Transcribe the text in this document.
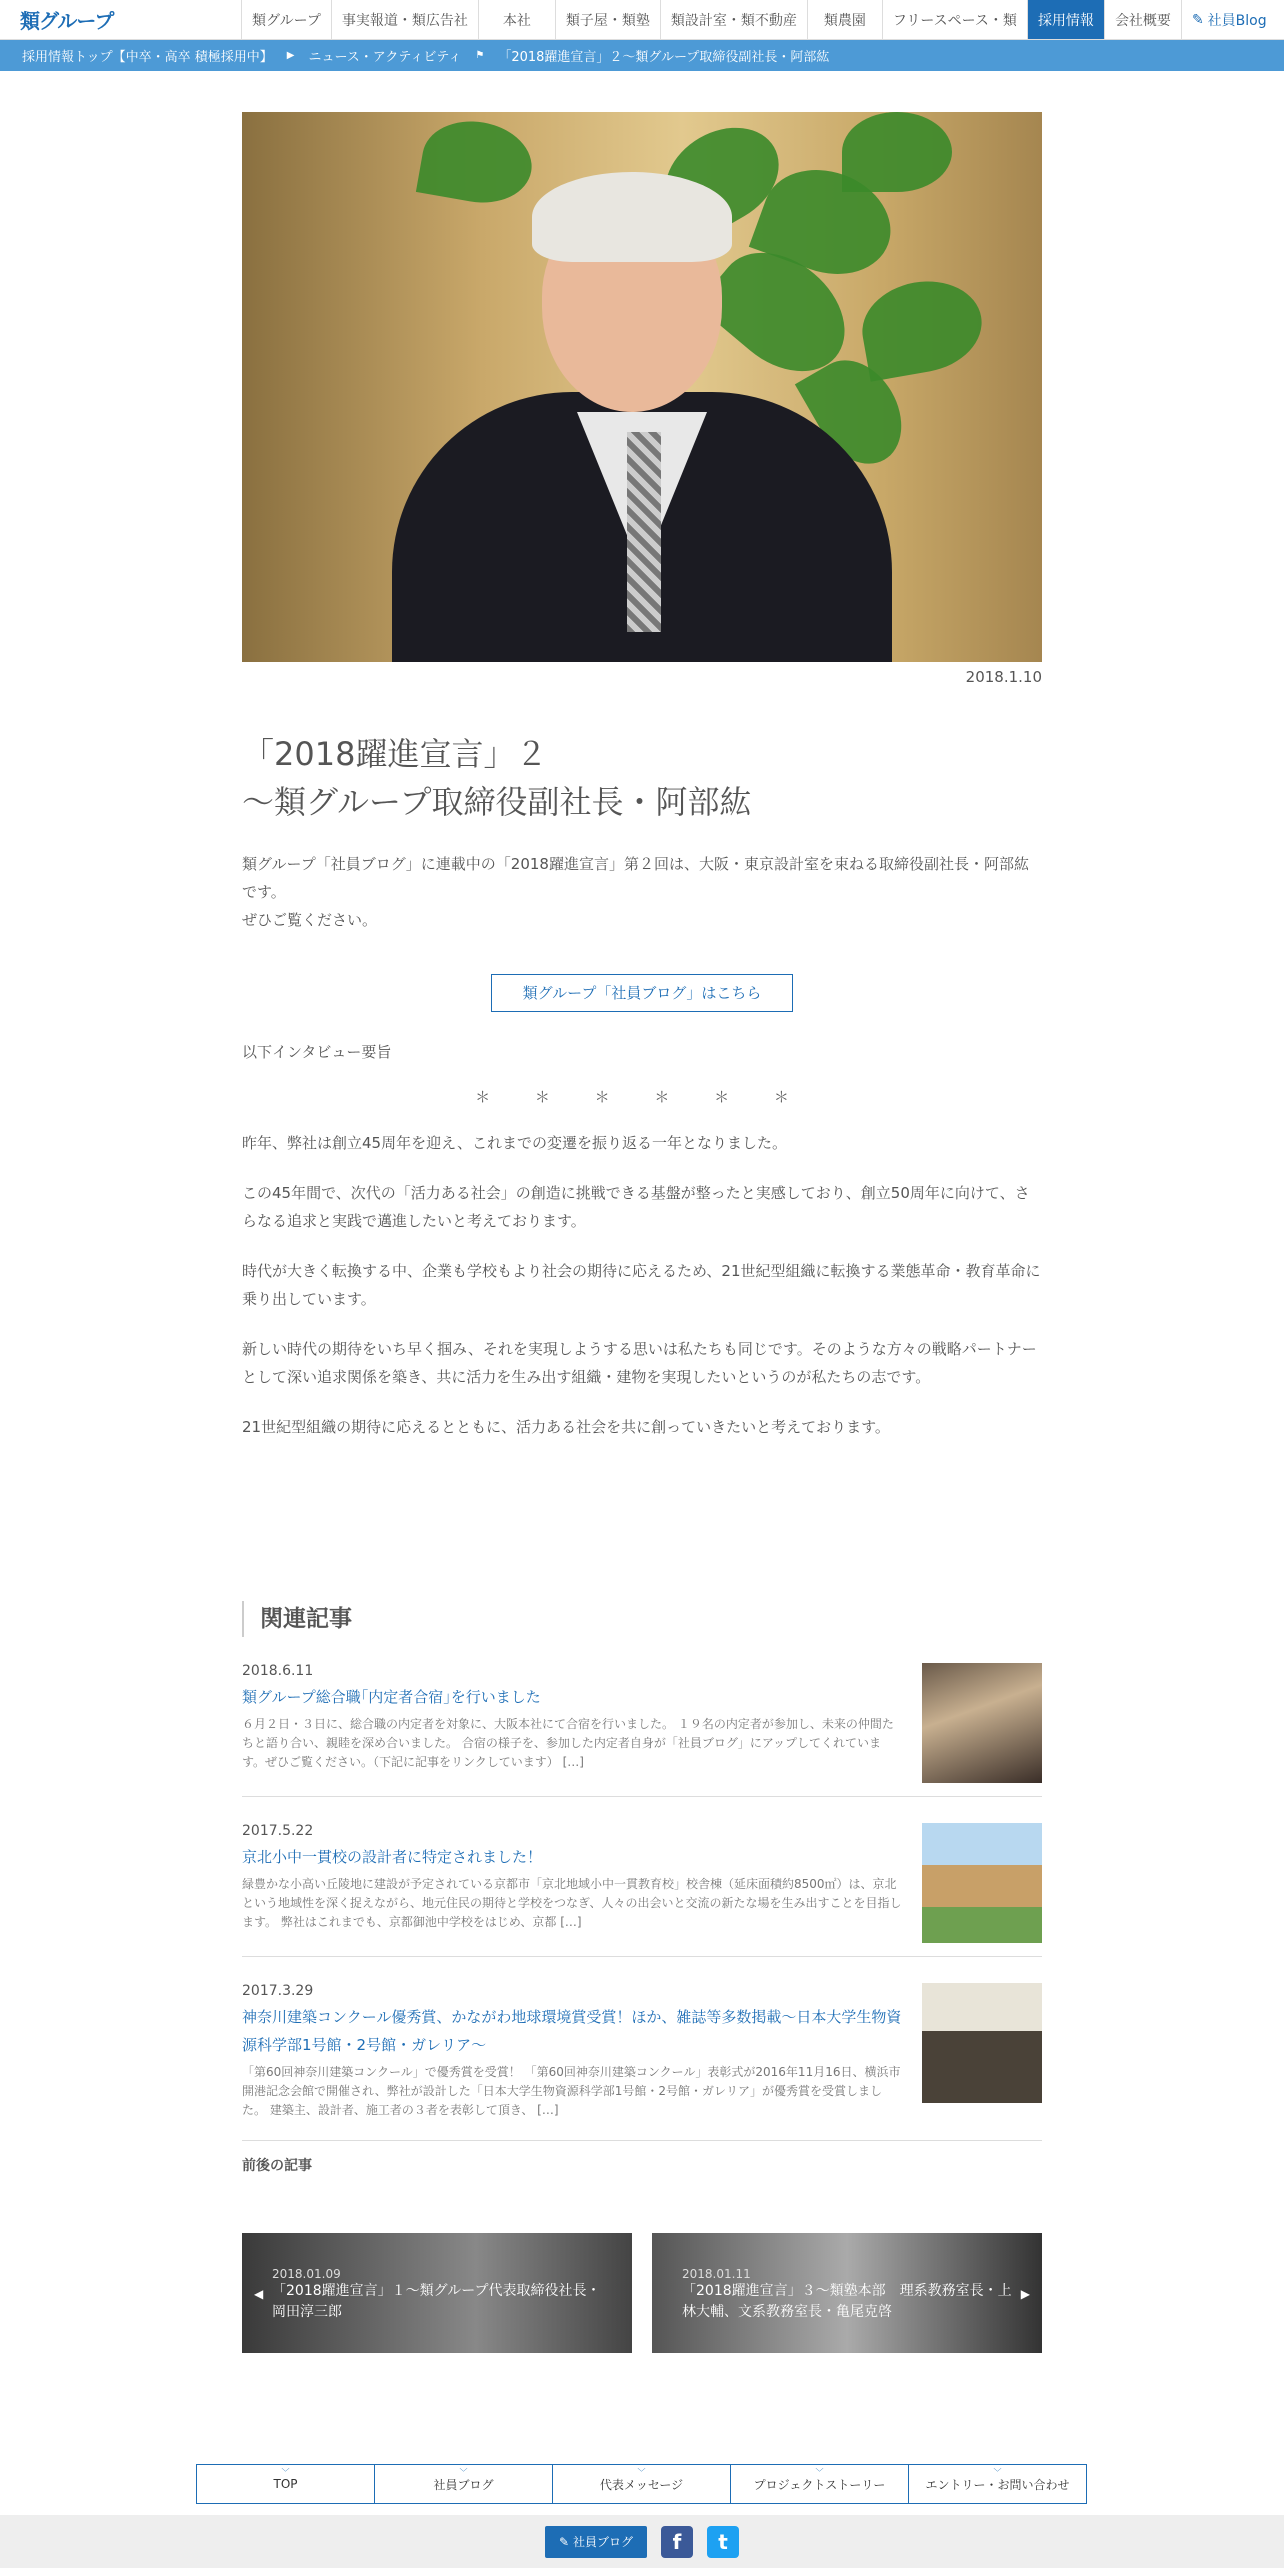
類グループ	類グループ	事実報道・類広告社	本社	類子屋・類塾	類設計室・類不動産	類農園	フリースペース・類	採用情報	会社概要	✎ 社員Blog
採用情報トップ【中卒・高卒 積極採用中】 ▶ ニュース・アクティビティ ⚑ 「2018躍進宣言」２〜類グループ取締役副社長・阿部紘
2018.1.10
「2018躍進宣言」２
〜類グループ取締役副社長・阿部紘
類グループ「社員ブログ」に連載中の「2018躍進宣言」第２回は、大阪・東京設計室を束ねる取締役副社長・阿部紘です。
ぜひご覧ください。
類グループ「社員ブログ」はこちら
以下インタビュー要旨
＊ ＊ ＊ ＊ ＊ ＊
昨年、弊社は創立45周年を迎え、これまでの変遷を振り返る一年となりました。
この45年間で、次代の「活力ある社会」の創造に挑戦できる基盤が整ったと実感しており、創立50周年に向けて、さらなる追求と実践で邁進したいと考えております。
時代が大きく転換する中、企業も学校もより社会の期待に応えるため、21世紀型組織に転換する業態革命・教育革命に乗り出しています。
新しい時代の期待をいち早く掴み、それを実現しようする思いは私たちも同じです。そのような方々の戦略パートナーとして深い追求関係を築き、共に活力を生み出す組織・建物を実現したいというのが私たちの志です。
21世紀型組織の期待に応えるとともに、活力ある社会を共に創っていきたいと考えております。
関連記事
2018.6.11
類グループ総合職｢内定者合宿｣を行いました
６月２日・３日に、総合職の内定者を対象に、大阪本社にて合宿を行いました。 １９名の内定者が参加し、未来の仲間たちと語り合い、親睦を深め合いました。 合宿の様子を、参加した内定者自身が「社員ブログ」にアップしてくれています。ぜひご覧ください。（下記に記事をリンクしています） […]
2017.5.22
京北小中一貫校の設計者に特定されました！
緑豊かな小高い丘陵地に建設が予定されている京都市「京北地域小中一貫教育校」校舎棟（延床面積約8500㎡）は、京北という地域性を深く捉えながら、地元住民の期待と学校をつなぎ、人々の出会いと交流の新たな場を生み出すことを目指します。 弊社はこれまでも、京都御池中学校をはじめ、京都 […]
2017.3.29
神奈川建築コンクール優秀賞、かながわ地球環境賞受賞！ほか、雑誌等多数掲載～日本大学生物資源科学部1号館・2号館・ガレリア～
「第60回神奈川建築コンクール」で優秀賞を受賞！ 「第60回神奈川建築コンクール」表彰式が2016年11月16日、横浜市開港記念会館で開催され、弊社が設計した「日本大学生物資源科学部1号館・2号館・ガレリア」が優秀賞を受賞しました。 建築主、設計者、施工者の３者を表彰して頂き、 […]
前後の記事
◀
2018.01.09
「2018躍進宣言」１〜類グループ代表取締役社長・岡田淳三郎
2018.01.11
「2018躍進宣言」３〜類塾本部　理系教務室長・上林大輔、文系教務室長・亀尾克啓
▶
﹀
TOP
﹀
社員ブログ
﹀
代表メッセージ
﹀
プロジェクトストーリー
﹀
エントリー・お問い合わせ
✎ 社員ブログ	f	t
